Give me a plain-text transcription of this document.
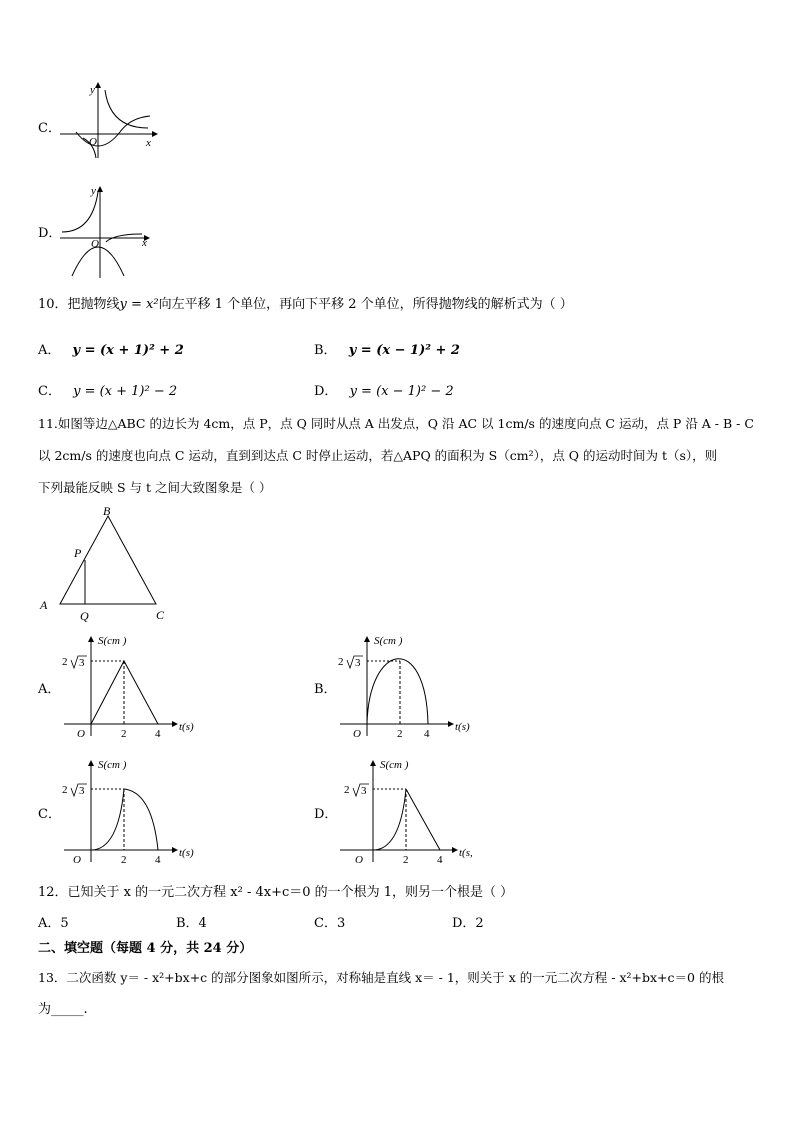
C．
y
x
O
D．
y
x
O
10．把抛物线y = x²向左平移 1 个单位，再向下平移 2 个单位，所得抛物线的解析式为（ ）
A． y = (x + 1)² + 2	B． y = (x − 1)² + 2
C． y = (x + 1)² − 2	D． y = (x − 1)² − 2
11.如图等边△ABC 的边长为 4cm，点 P，点 Q 同时从点 A 出发点，Q 沿 AC 以 1cm/s 的速度向点 C 运动，点 P 沿 A - B - C
以 2cm/s 的速度也向点 C 运动，直到到达点 C 时停止运动，若△APQ 的面积为 S（cm²），点 Q 的运动时间为 t（s），则
下列最能反映 S 与 t 之间大致图象是（ ）
B
A
C
P
Q
A．
S(cm )
t(s)
2 3
O	2	4
B．
S(cm )
t(s)
2 3
O	2 4
C．
S(cm )
t(s)
2 3
O	2	4
D．
S(cm )
t(s,
2 3
O	2	4
12．已知关于 x 的一元二次方程 x² - 4x+c＝0 的一个根为 1，则另一个根是（ ）
A．5	B．4	C．3	D．2
二、填空题（每题 4 分，共 24 分）
13．二次函数 y＝ - x²+bx+c 的部分图象如图所示，对称轴是直线 x＝ - 1，则关于 x 的一元二次方程 - x²+bx+c＝0 的根
为_____.
